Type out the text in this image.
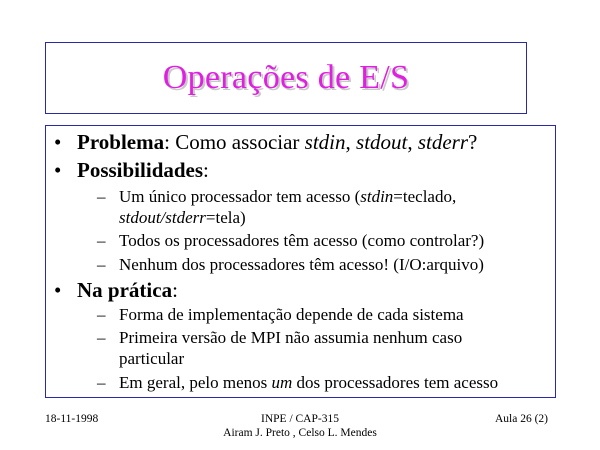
Operações de E/S
• Problema: Como associar stdin, stdout, stderr?
• Possibilidades:
– Um único processador tem acesso (stdin=teclado,
stdout/stderr=tela)
– Todos os processadores têm acesso (como controlar?)
– Nenhum dos processadores têm acesso! (I/O:arquivo)
• Na prática:
– Forma de implementação depende de cada sistema
– Primeira versão de MPI não assumia nenhum caso particular
– Em geral, pelo menos um dos processadores tem acesso
18-11-1998	INPE / CAP-315
Airam J. Preto , Celso L. Mendes
Aula 26 (2)
